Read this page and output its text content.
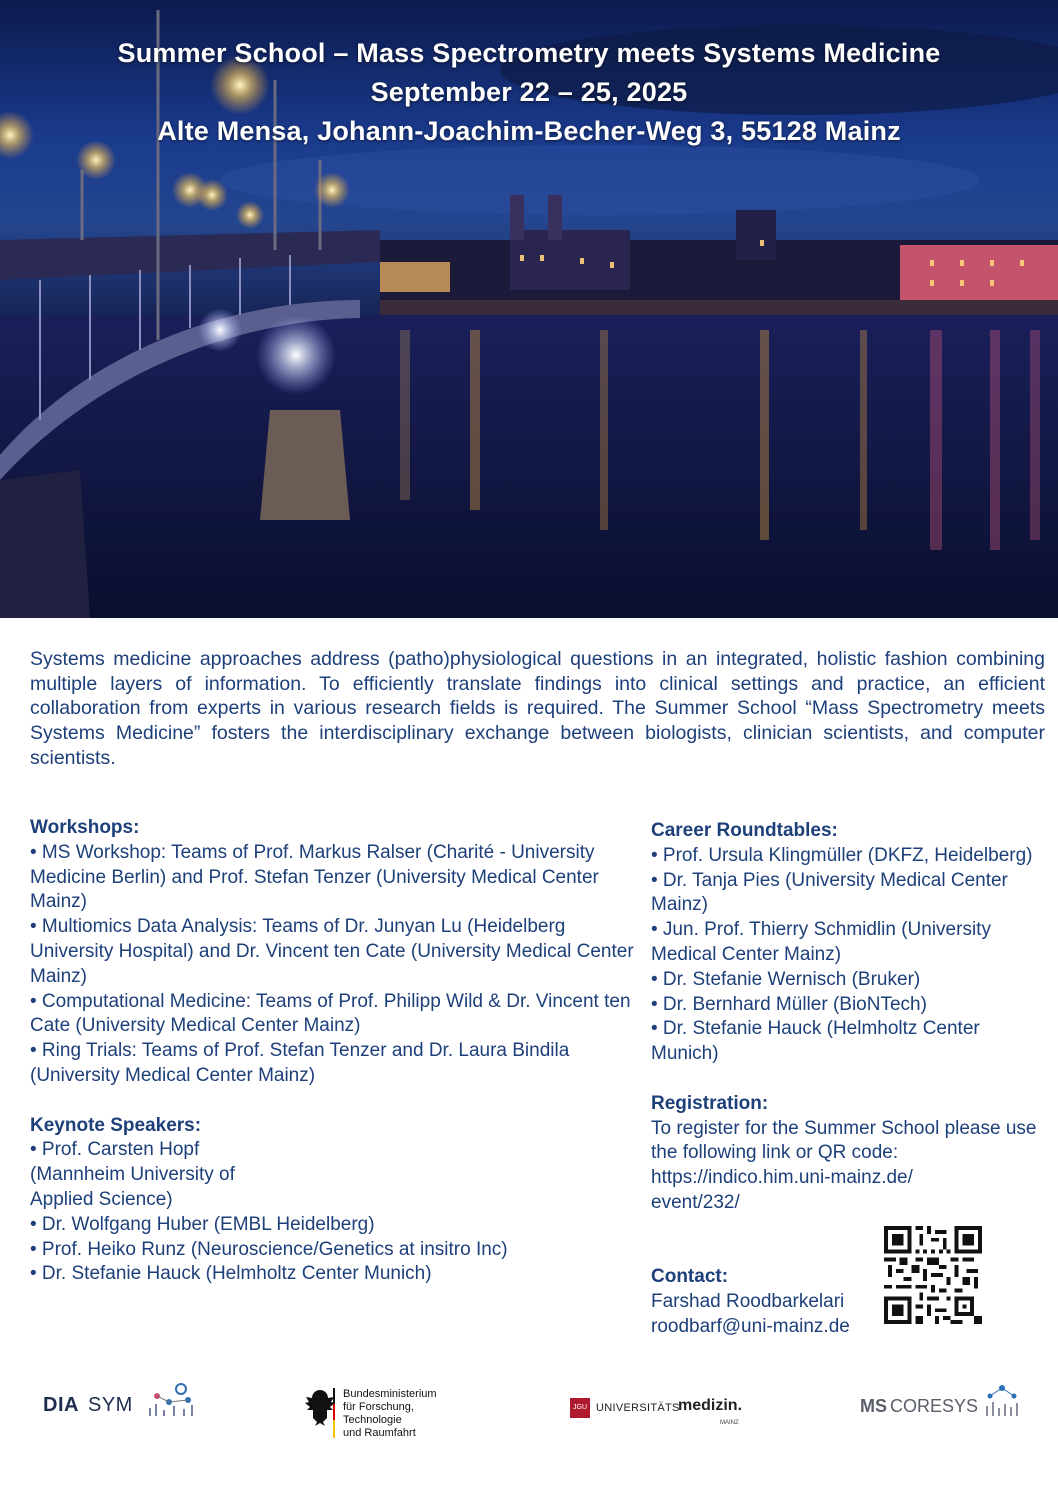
Summer School – Mass Spectrometry meets Systems Medicine
September 22 – 25, 2025
Alte Mensa, Johann-Joachim-Becher-Weg 3, 55128 Mainz
Systems medicine approaches address (patho)physiological questions in an integrated, holistic fashion combining multiple layers of information. To efficiently translate findings into clinical settings and practice, an efficient collaboration from experts in various research fields is required. The Summer School “Mass Spectrometry meets Systems Medicine” fosters the interdisciplinary exchange between biologists, clinician scientists, and computer scientists.

Workshops:

• MS Workshop: Teams of Prof. Markus Ralser (Charité - University Medicine Berlin) and Prof. Stefan Tenzer (University Medical Center Mainz)

• Multiomics Data Analysis: Teams of Dr. Junyan Lu (Heidelberg University Hospital) and Dr. Vincent ten Cate (University Medical Center Mainz)

• Computational Medicine: Teams of Prof. Philipp Wild & Dr. Vincent ten Cate (University Medical Center Mainz)

• Ring Trials: Teams of Prof. Stefan Tenzer and Dr. Laura Bindila (University Medical Center Mainz)

Keynote Speakers:

• Prof. Carsten Hopf (Mannheim University of Applied Science)

• Dr. Wolfgang Huber (EMBL Heidelberg)

• Prof. Heiko Runz (Neuroscience/Genetics at insitro Inc)

• Dr. Stefanie Hauck (Helmholtz Center Munich)

Career Roundtables:

• Prof. Ursula Klingmüller (DKFZ, Heidelberg)

• Dr. Tanja Pies (University Medical Center Mainz)

• Jun. Prof. Thierry Schmidlin (University Medical Center Mainz)

• Dr. Stefanie Wernisch (Bruker)

• Dr. Bernhard Müller (BioNTech)

• Dr. Stefanie Hauck (Helmholtz Center Munich)

Registration:

To register for the Summer School please use the following link or QR code:

https://indico.him.uni-mainz.de/

event/232/

Contact:

Farshad Roodbarkelari

roodbarf@uni-mainz.de

DIA SYM	Bundesministerium
für Forschung, Technologie
und Raumfahrt
JGU UNIVERSITÄTS
medizin.
MAINZ
MS CORESYS
